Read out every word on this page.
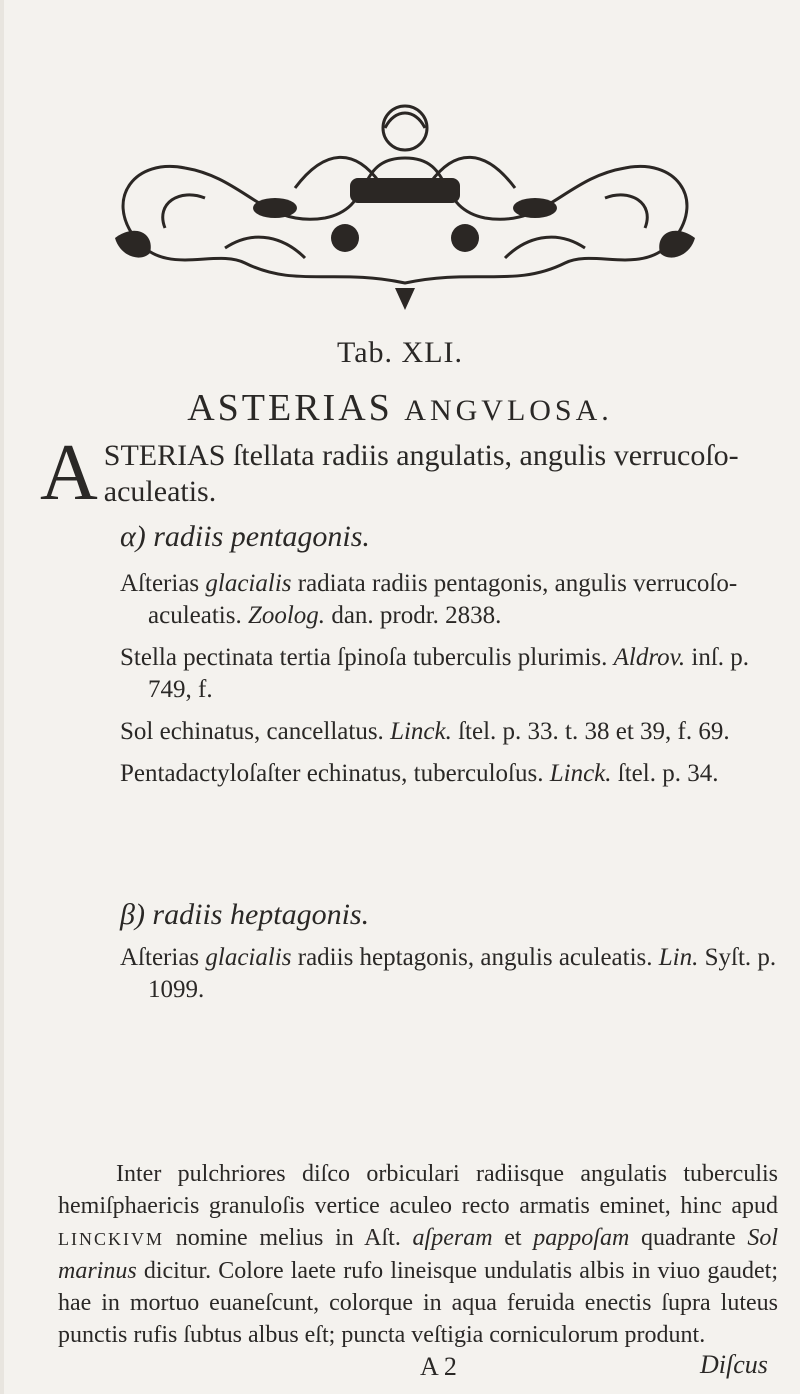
Tab. XLI.
ASTERIAS ANGVLOSA.
A STERIAS ſtellata radiis angulatis, angulis verrucoſo-aculeatis.
α) radiis pentagonis.
Aſterias glacialis radiata radiis pentagonis, angulis verrucoſo-aculeatis. Zoolog. dan. prodr. 2838.
Stella pectinata tertia ſpinoſa tuberculis plurimis. Aldrov. inſ. p. 749, f.
Sol echinatus, cancellatus. Linck. ſtel. p. 33. t. 38 et 39, f. 69.
Pentadactyloſaſter echinatus, tuberculoſus. Linck. ſtel. p. 34.
β) radiis heptagonis.
Aſterias glacialis radiis heptagonis, angulis aculeatis. Lin. Syſt. p. 1099.
Inter pulchriores diſco orbiculari radiisque angulatis tuberculis hemiſphaericis granuloſis vertice aculeo recto armatis eminet, hinc apud LINCKIVM nomine melius in Aſt. aſperam et pappoſam quadrante Sol marinus dicitur. Colore laete rufo lineisque undulatis albis in viuo gaudet; hae in mortuo euaneſcunt, colorque in aqua feruida enectis ſupra luteus punctis rufis ſubtus albus eſt; puncta veſtigia corniculorum produnt.
A 2	Diſcus
